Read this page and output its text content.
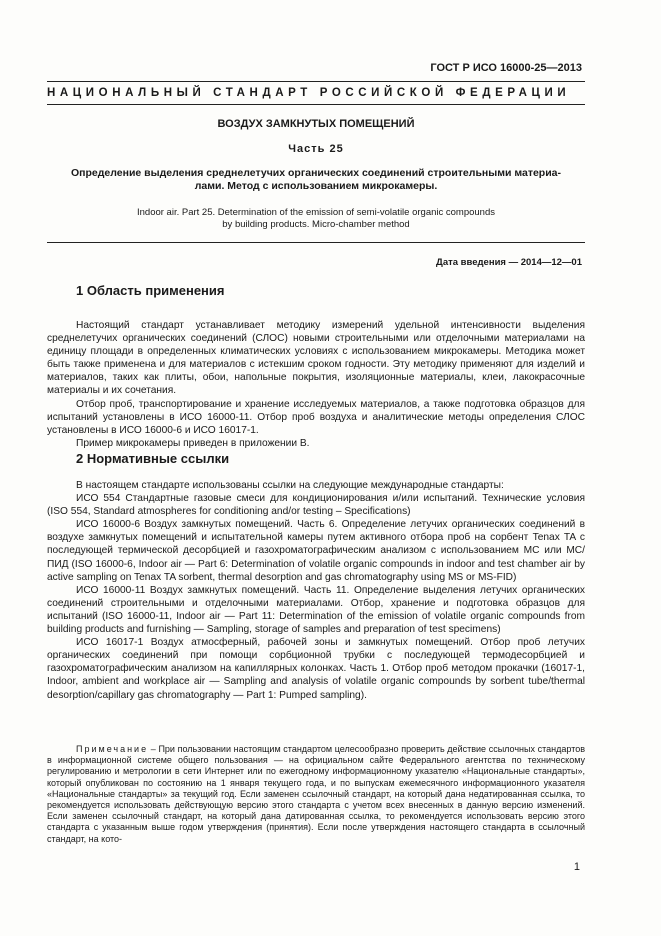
ГОСТ Р ИСО 16000-25—2013
НАЦИОНАЛЬНЫЙ СТАНДАРТ РОССИЙСКОЙ ФЕДЕРАЦИИ
ВОЗДУХ ЗАМКНУТЫХ ПОМЕЩЕНИЙ
Часть 25
Определение выделения среднелетучих органических соединений строительными материа-
лами. Метод с использованием микрокамеры.
Indoor air. Part 25. Determination of the emission of semi-volatile organic compounds
by building products. Micro-chamber method
Дата введения — 2014—12—01
1 Область применения

Настоящий стандарт устанавливает методику измерений удельной интенсивности выделения среднелетучих органических соединений (СЛОС) новыми строительными или отделочными материалами на единицу площади в определенных климатических условиях с использованием микрокамеры. Методика может быть также применена и для материалов с истекшим сроком годности. Эту методику применяют для изделий и материалов, таких как плиты, обои, напольные покрытия, изоляционные материалы, клеи, лакокрасочные материалы и их сочетания.

Отбор проб, транспортирование и хранение исследуемых материалов, а также подготовка образцов для испытаний установлены в ИСО 16000-11. Отбор проб воздуха и аналитические методы определения СЛОС установлены в ИСО 16000-6 и ИСО 16017-1.

Пример микрокамеры приведен в приложении В.

2 Нормативные ссылки

В настоящем стандарте использованы ссылки на следующие международные стандарты:

ИСО 554 Стандартные газовые смеси для кондиционирования и/или испытаний. Технические условия (ISO 554, Standard atmospheres for conditioning and/or testing – Specifications)

ИСО 16000-6 Воздух замкнутых помещений. Часть 6. Определение летучих органических соединений в воздухе замкнутых помещений и испытательной камеры путем активного отбора проб на сорбент Tenax TA с последующей термической десорбцией и газохроматографическим анализом с использованием МС или МС/ПИД (ISO 16000-6, Indoor air — Part 6: Determination of volatile organic compounds in indoor and test chamber air by active sampling on Tenax TA sorbent, thermal desorption and gas chromatography using MS or MS-FID)

ИСО 16000-11 Воздух замкнутых помещений. Часть 11. Определение выделения летучих органических соединений строительными и отделочными материалами. Отбор, хранение и подготовка образцов для испытаний (ISO 16000-11, Indoor air — Part 11: Determination of the emission of volatile organic compounds from building products and furnishing — Sampling, storage of samples and preparation of test specimens)

ИСО 16017-1 Воздух атмосферный, рабочей зоны и замкнутых помещений. Отбор проб летучих органических соединений при помощи сорбционной трубки с последующей термодесорбцией и газохроматографическим анализом на капиллярных колонках. Часть 1. Отбор проб методом прокачки (16017-1, Indoor, ambient and workplace air — Sampling and analysis of volatile organic compounds by sorbent tube/thermal desorption/capillary gas chromatography — Part 1: Pumped sampling).

Примечание – При пользовании настоящим стандартом целесообразно проверить действие ссылочных стандартов в информационной системе общего пользования — на официальном сайте Федерального агентства по техническому регулированию и метрологии в сети Интернет или по ежегодному информационному указателю «Национальные стандарты», который опубликован по состоянию на 1 января текущего года, и по выпускам ежемесячного информационного указателя «Национальные стандарты» за текущий год. Если заменен ссылочный стандарт, на который дана недатированная ссылка, то рекомендуется использовать действующую версию этого стандарта с учетом всех внесенных в данную версию изменений. Если заменен ссылочный стандарт, на который дана датированная ссылка, то рекомендуется использовать версию этого стандарта с указанным выше годом утверждения (принятия). Если после утверждения настоящего стандарта в ссылочный стандарт, на кото-

1
